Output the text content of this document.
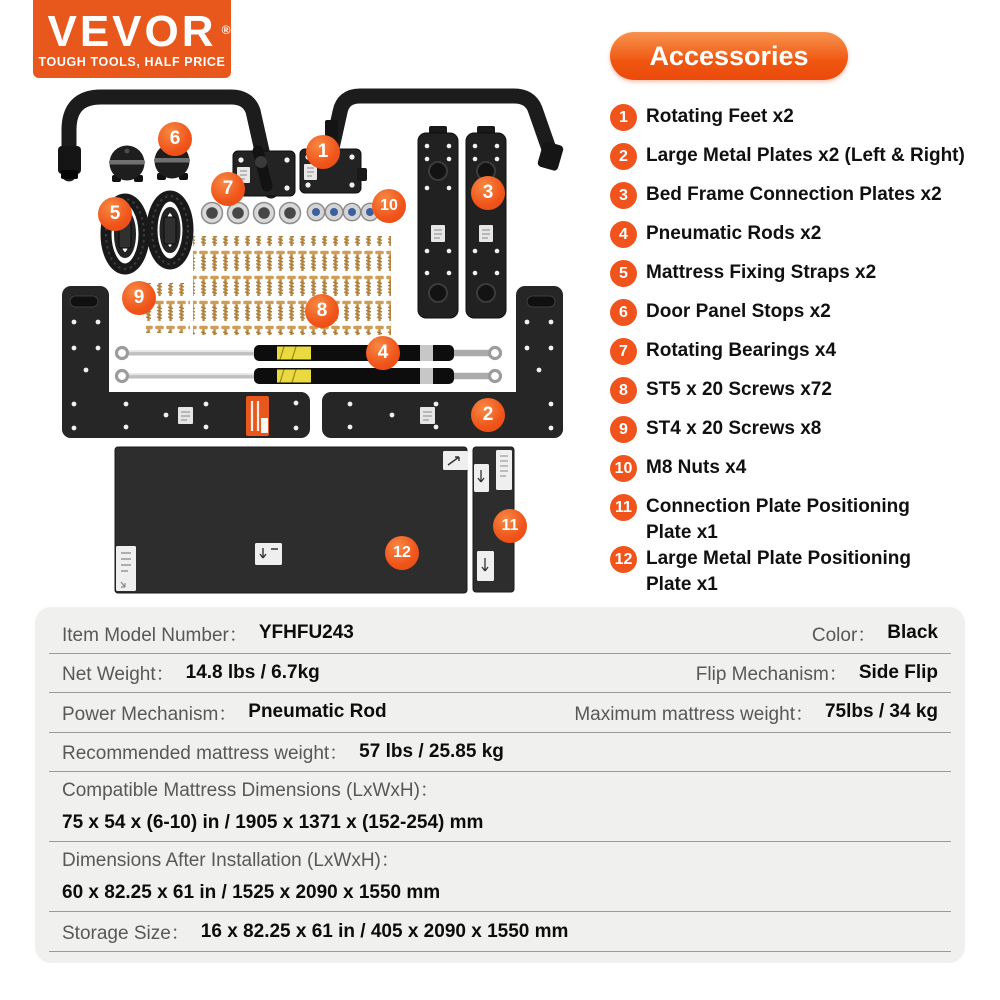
VEVOR ®
TOUGH TOOLS, HALF PRICE
1
2
3
4
5
6
7
8
9
10
11
12
Accessories
1 Rotating Feet x2
2 Large Metal Plates x2 (Left & Right)
3 Bed Frame Connection Plates x2
4 Pneumatic Rods x2
5 Mattress Fixing Straps x2
6 Door Panel Stops x2
7 Rotating Bearings x4
8 ST5 x 20 Screws x72
9 ST4 x 20 Screws x8
10 M8 Nuts x4
11 Connection Plate Positioning
Plate x1
12 Large Metal Plate Positioning
Plate x1
Item Model Number： YFHFU243	Color： Black
Net Weight： 14.8 lbs / 6.7kg	Flip Mechanism： Side Flip
Power Mechanism： Pneumatic Rod	Maximum mattress weight： 75lbs / 34 kg
Recommended mattress weight： 57 lbs / 25.85 kg
Compatible Mattress Dimensions (LxWxH)：
75 x 54 x (6-10) in / 1905 x 1371 x (152-254) mm
Dimensions After Installation (LxWxH)：
60 x 82.25 x 61 in / 1525 x 2090 x 1550 mm
Storage Size： 16 x 82.25 x 61 in / 405 x 2090 x 1550 mm
